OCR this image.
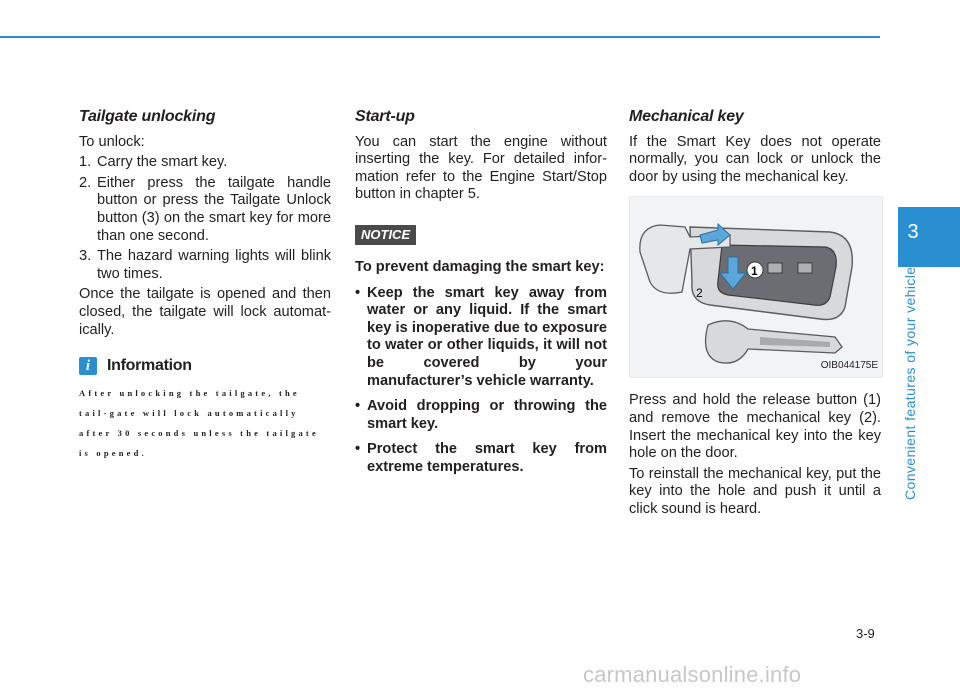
Tailgate unlocking
To unlock:
1. Carry the smart key.
2. Either press the tailgate handle button or press the Tailgate Unlock button (3) on the smart key for more than one second.
3. The hazard warning lights will blink two times.
Once the tailgate is opened and then closed, the tailgate will lock automat-ically.
i	Information
After unlocking the tailgate, the tail-gate will lock automatically after 30 seconds unless the tailgate is opened.
Start-up
You can start the engine without inserting the key. For detailed infor-mation refer to the Engine Start/Stop button in chapter 5.
NOTICE
To prevent damaging the smart key:
• Keep the smart key away from water or any liquid. If the smart key is inoperative due to exposure to water or other liquids, it will not be covered by your manufacturer’s vehicle warranty.
• Avoid dropping or throwing the smart key.
• Protect the smart key from extreme temperatures.
Mechanical key
If the Smart Key does not operate normally, you can lock or unlock the door by using the mechanical key.
1
2
OIB044175E
Press and hold the release button (1) and remove the mechanical key (2). Insert the mechanical key into the key hole on the door.
To reinstall the mechanical key, put the key into the hole and push it until a click sound is heard.
3
Convenient features of your vehicle
3-9
carmanualsonline.info
